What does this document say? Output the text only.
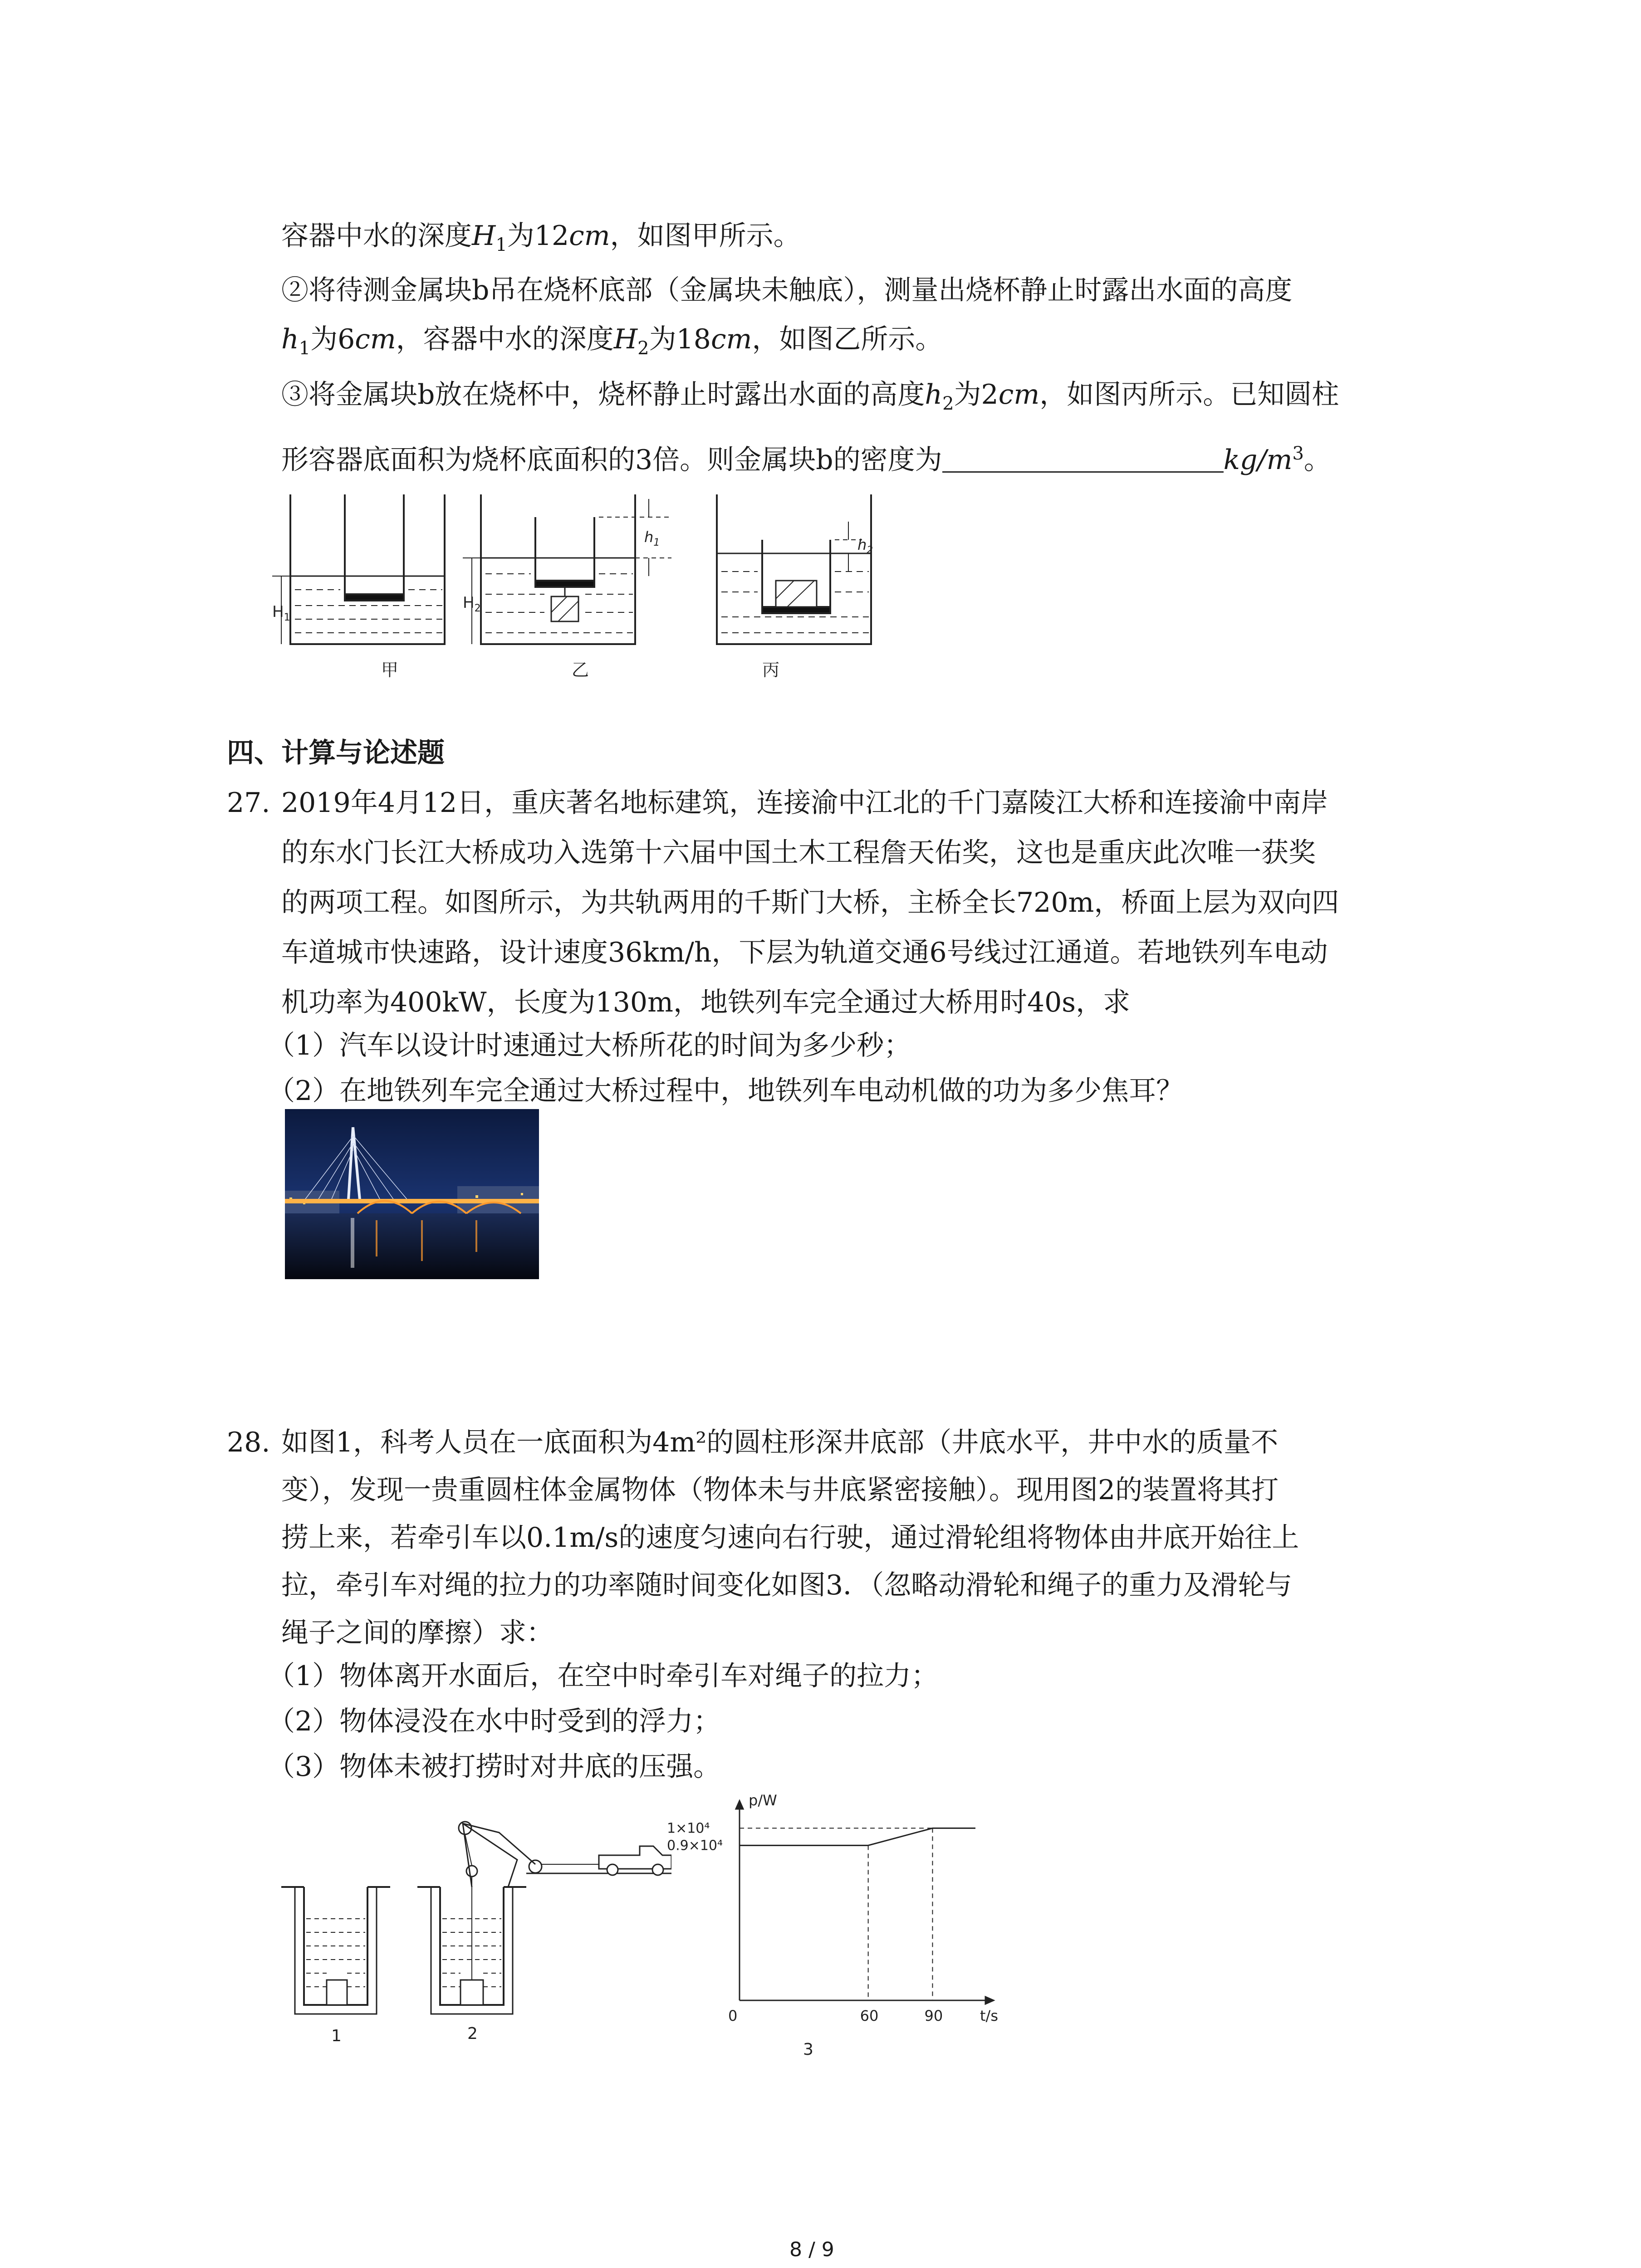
容器中水的深度$H_1$为12cm，如图甲所示。
②将待测金属块b吊在烧杯底部（金属块未触底），测量出烧杯静止时露出水面的高度
$h_1$为6cm，容器中水的深度$H_2$为18cm，如图乙所示。
③将金属块b放在烧杯中，烧杯静止时露出水面的高度$h_2$为2cm，如图丙所示。已知圆柱
形容器底面积为烧杯底面积的3倍。则金属块b的密度为	$kg/m^3$。
甲	乙	丙
$H_1$
$H_2$
$h_1$	$h_2$
四、计算与论述题
27. 2019年4月12日，重庆著名地标建筑，连接渝中江北的千门嘉陵江大桥和连接渝中南岸
的东水门长江大桥成功入选第十六届中国土木工程詹天佑奖，这也是重庆此次唯一获奖
的两项工程。如图所示，为共轨两用的千斯门大桥，主桥全长720m，桥面上层为双向四
车道城市快速路，设计速度36km/h，下层为轨道交通6号线过江通道。若地铁列车电动
机功率为400kW，长度为130m，地铁列车完全通过大桥用时40s，求
（1）汽车以设计时速通过大桥所花的时间为多少秒；
（2）在地铁列车完全通过大桥过程中，地铁列车电动机做的功为多少焦耳？
28. 如图1，科考人员在一底面积为4m²的圆柱形深井底部（井底水平，井中水的质量不
变），发现一贵重圆柱体金属物体（物体未与井底紧密接触）。现用图2的装置将其打
捞上来，若牵引车以0.1m/s的速度匀速向右行驶，通过滑轮组将物体由井底开始往上
拉，牵引车对绳的拉力的功率随时间变化如图3．（忽略动滑轮和绳子的重力及滑轮与
绳子之间的摩擦）求：
（1）物体离开水面后，在空中时牵引车对绳子的拉力；
（2）物体浸没在水中时受到的浮力；
（3）物体未被打捞时对井底的压强。
1	2
p/W
t/s
0.9×10⁴
1×10⁴
60	90
0
3
8 / 9
